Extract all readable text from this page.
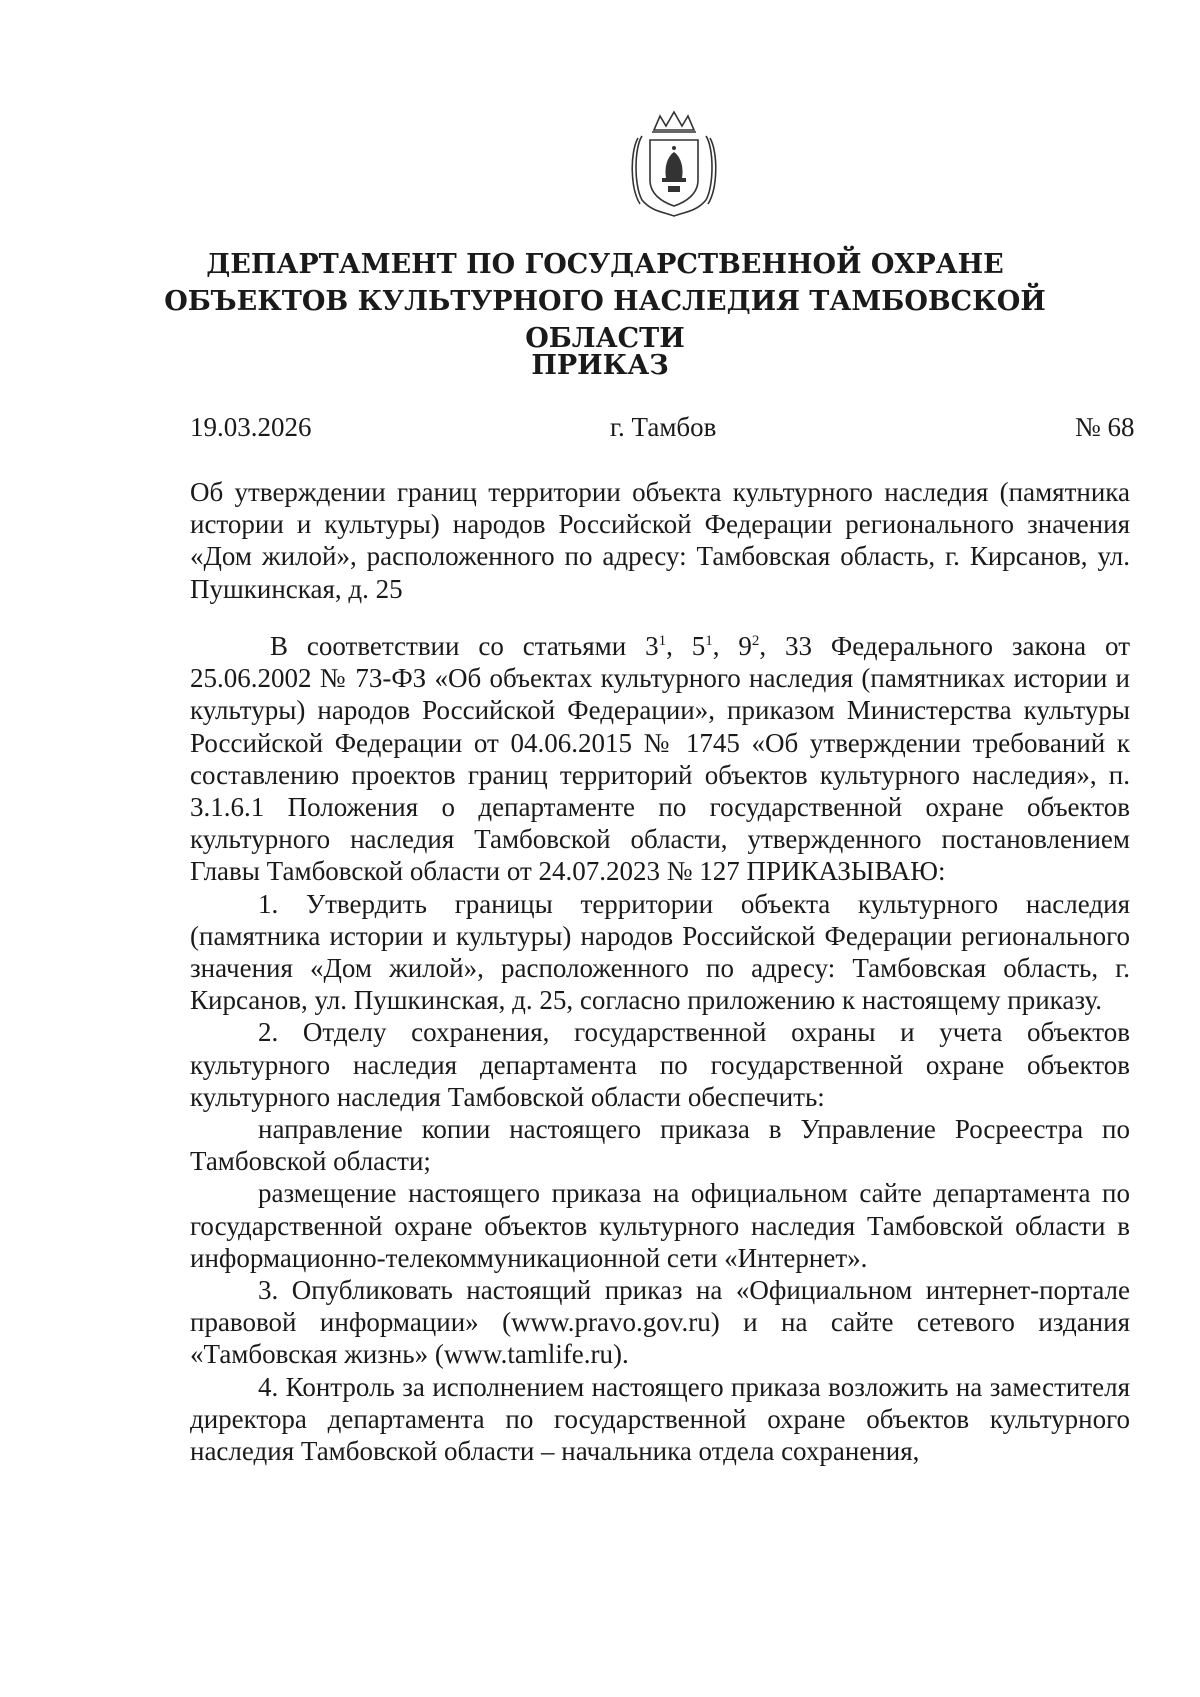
ДЕПАРТАМЕНТ ПО ГОСУДАРСТВЕННОЙ ОХРАНЕ ОБЪЕКТОВ КУЛЬТУРНОГО НАСЛЕДИЯ ТАМБОВСКОЙ ОБЛАСТИ
ПРИКАЗ
19.03.2026	г. Тамбов	№ 68
Об утверждении границ территории объекта культурного наследия (памятника истории и культуры) народов Российской Федерации регионального значения «Дом жилой», расположенного по адресу: Тамбовская область, г. Кирсанов, ул. Пушкинская, д. 25

В соответствии со статьями $3^1$, $5^1$, $9^2$, 33 Федерального закона от 25.06.2002 № 73-ФЗ «Об объектах культурного наследия (памятниках истории и культуры) народов Российской Федерации», приказом Министерства культуры Российской Федерации от 04.06.2015 № 1745 «Об утверждении требований к составлению проектов границ территорий объектов культурного наследия», п. 3.1.6.1 Положения о департаменте по государственной охране объектов культурного наследия Тамбовской области, утвержденного постановлением Главы Тамбовской области от 24.07.2023 № 127 ПРИКАЗЫВАЮ:

1. Утвердить границы территории объекта культурного наследия (памятника истории и культуры) народов Российской Федерации регионального значения «Дом жилой», расположенного по адресу: Тамбовская область, г. Кирсанов, ул. Пушкинская, д. 25, согласно приложению к настоящему приказу.

2. Отделу сохранения, государственной охраны и учета объектов культурного наследия департамента по государственной охране объектов культурного наследия Тамбовской области обеспечить:

направление копии настоящего приказа в Управление Росреестра по Тамбовской области;

размещение настоящего приказа на официальном сайте департамента по государственной охране объектов культурного наследия Тамбовской области в информационно-телекоммуникационной сети «Интернет».

3. Опубликовать настоящий приказ на «Официальном интернет-портале правовой информации» (www.pravo.gov.ru) и на сайте сетевого издания «Тамбовская жизнь» (www.tamlife.ru).

4. Контроль за исполнением настоящего приказа возложить на заместителя директора департамента по государственной охране объектов культурного наследия Тамбовской области – начальника отдела сохранения,
